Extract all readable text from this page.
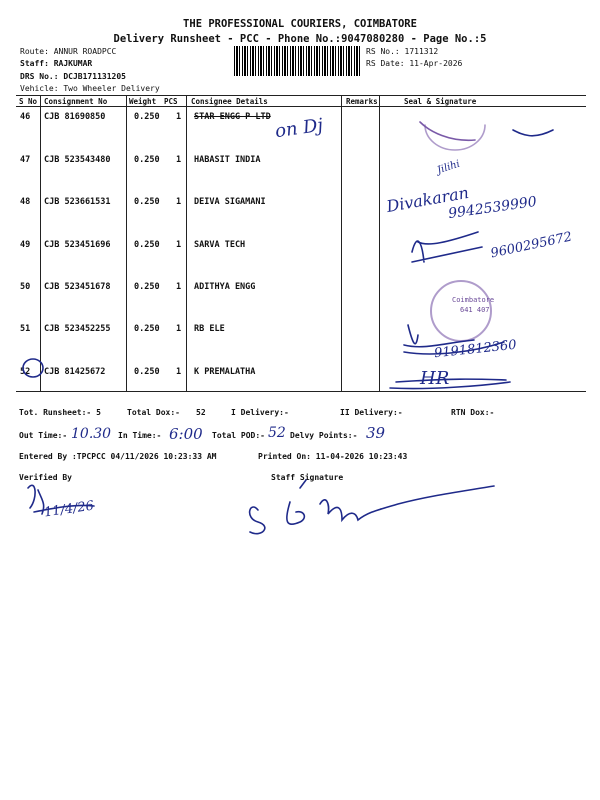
THE PROFESSIONAL COURIERS, COIMBATORE
Delivery Runsheet - PCC - Phone No.:9047080280 - Page No.:5
Route: ANNUR ROADPCC
Staff: RAJKUMAR
DRS No.: DCJB171131205
Vehicle: Two Wheeler Delivery
RS No.: 1711312
RS Date: 11-Apr-2026
S No Consignment No	Weight PCS Consignee Details	Remarks	Seal & Signature
46 CJB 81690850	0.250 1 STAR ENGG P LTD
47 CJB 523543480	0.250 1 HABASIT INDIA
48 CJB 523661531	0.250 1 DEIVA SIGAMANI
49 CJB 523451696	0.250 1 SARVA TECH
50 CJB 523451678	0.250 1 ADITHYA ENGG
51 CJB 523452255	0.250 1 RB ELE
52 CJB 81425672	0.250 1 K PREMALATHA
Tot. Runsheet:- 5	Total Dox:- 52	I Delivery:-	II Delivery:-	RTN Dox:-
Out Time:- 10.30 In Time:- 6:00 Total POD:- 52 Delvy Points:- 39
Entered By :TPCPCC 04/11/2026 10:23:33 AM	Printed On: 11-04-2026 10:23:43
Verified By	Staff Signature
on Dj
Jilihi
Divakaran
9942539990
9600295672
9191812360
HR
11/4/26
Coimbatore
641 407
